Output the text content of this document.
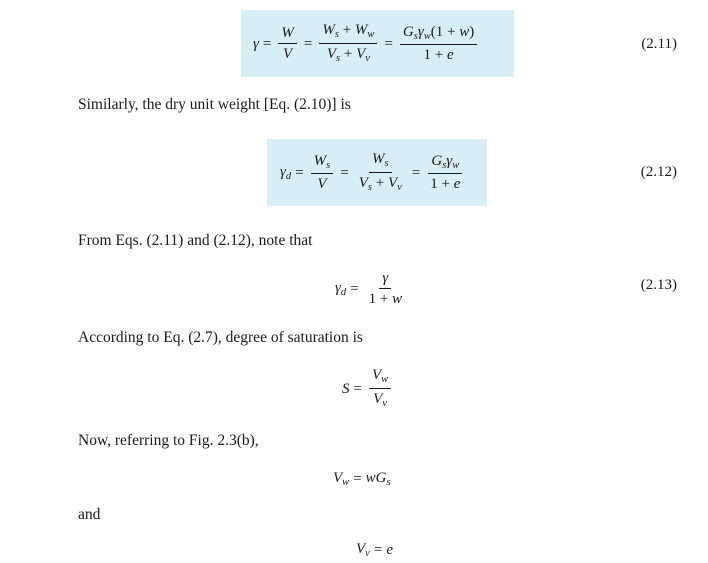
$\gamma = \frac{W}{V} = \frac{W_s + W_w}{V_s + V_v} = \frac{G_s\gamma_w(1 + w)}{1 + e}$	(2.11)
Similarly, the dry unit weight [Eq. (2.10)] is
$\gamma_d = \frac{W_s}{V} = \frac{W_s}{V_s + V_v} = \frac{G_s\gamma_w}{1 + e}$	(2.12)
From Eqs. (2.11) and (2.12), note that
$\gamma_d = \frac{\gamma}{1 + w}$	(2.13)
According to Eq. (2.7), degree of saturation is
$S = \frac{V_w}{V_v}$
Now, referring to Fig. 2.3(b),
$V_w = wG_s$
and
$V_v = e$
